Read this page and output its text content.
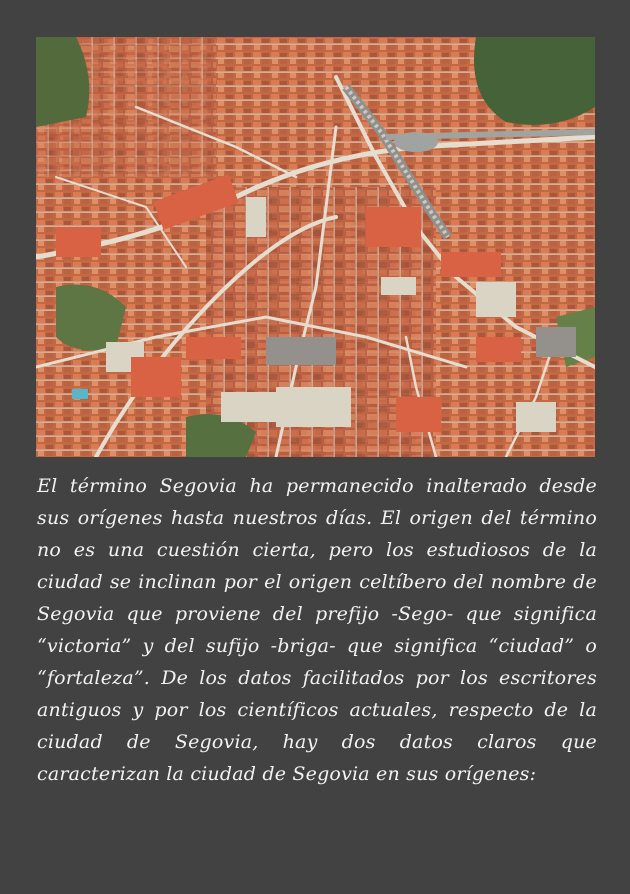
El término Segovia ha permanecido inalterado desde sus orígenes hasta nuestros días. El origen del término no es una cuestión cierta, pero los estudiosos de la ciudad se inclinan por el origen celtíbero del nombre de Segovia que proviene del prefijo -Sego- que significa “victoria” y del sufijo -briga- que significa “ciudad” o “fortaleza”. De los datos facilitados por los escritores antiguos y por los científicos actuales, respecto de la ciudad de Segovia, hay dos datos claros que caracterizan la ciudad de Segovia en sus orígenes:
